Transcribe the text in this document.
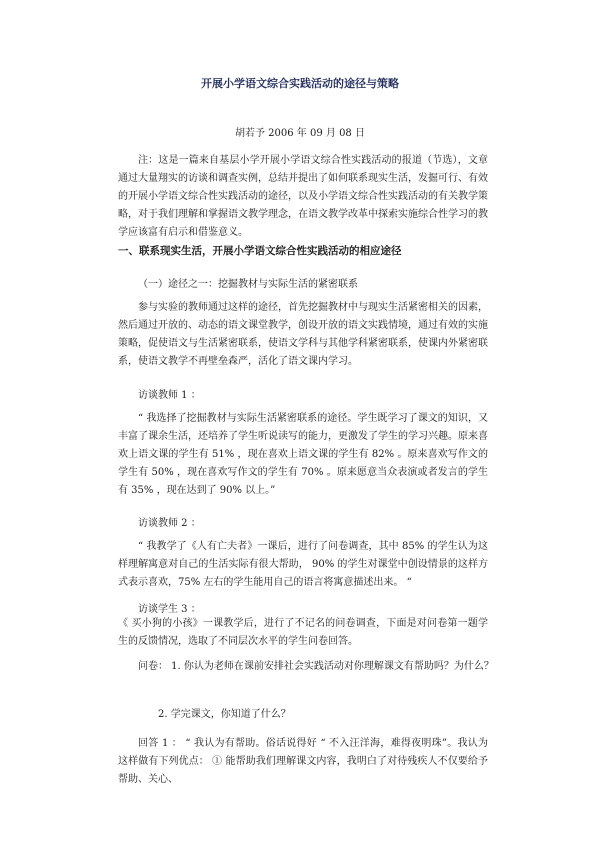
开展小学语文综合实践活动的途径与策略
胡若予 2006 年 09 月 08 日

注：这是一篇来自基层小学开展小学语文综合性实践活动的报道（节选），文章通过大量翔实的访谈和调查实例，总结并提出了如何联系现实生活，发掘可行、有效的开展小学语文综合性实践活动的途径，以及小学语文综合性实践活动的有关教学策略，对于我们理解和掌握语文教学理念，在语文教学改革中探索实施综合性学习的教学应该富有启示和借鉴意义。

一、联系现实生活，开展小学语文综合性实践活动的相应途径

（一）途径之一：挖掘教材与实际生活的紧密联系

参与实验的教师通过这样的途径，首先挖掘教材中与现实生活紧密相关的因素，然后通过开放的、动态的语文课堂教学，创设开放的语文实践情境，通过有效的实施策略，促使语文与生活紧密联系，使语文学科与其他学科紧密联系，使课内外紧密联系，使语文教学不再壁垒森严，活化了语文课内学习。

访谈教师 1 ：

“ 我选择了挖掘教材与实际生活紧密联系的途径。学生既学习了课文的知识，又丰富了课余生活，还培养了学生听说读写的能力，更激发了学生的学习兴趣。原来喜欢上语文课的学生有 51% ，现在喜欢上语文课的学生有 82% 。原来喜欢写作文的学生有 50% ，现在喜欢写作文的学生有 70% 。原来愿意当众表演或者发言的学生有 35% ，现在达到了 90% 以上。”

访谈教师 2 ：

“ 我教学了《人有亡夫者》一课后，进行了问卷调查，其中 85% 的学生认为这样理解寓意对自己的生活实际有很大帮助， 90% 的学生对课堂中创设情景的这样方式表示喜欢，75% 左右的学生能用自己的语言将寓意描述出来。 “

访谈学生 3 ：

《 买小狗的小孩》一课教学后，进行了不记名的问卷调查，下面是对问卷第一题学生的反馈情况，选取了不同层次水平的学生问卷回答。

问卷： 1. 你认为老师在课前安排社会实践活动对你理解课文有帮助吗？为什么？

2. 学完课文，你知道了什么？

回答 1 ： “ 我认为有帮助。俗话说得好 “ 不入汪洋海，难得夜明珠”。我认为这样做有下列优点： ① 能帮助我们理解课文内容，我明白了对待残疾人不仅要给予帮助、关心、
